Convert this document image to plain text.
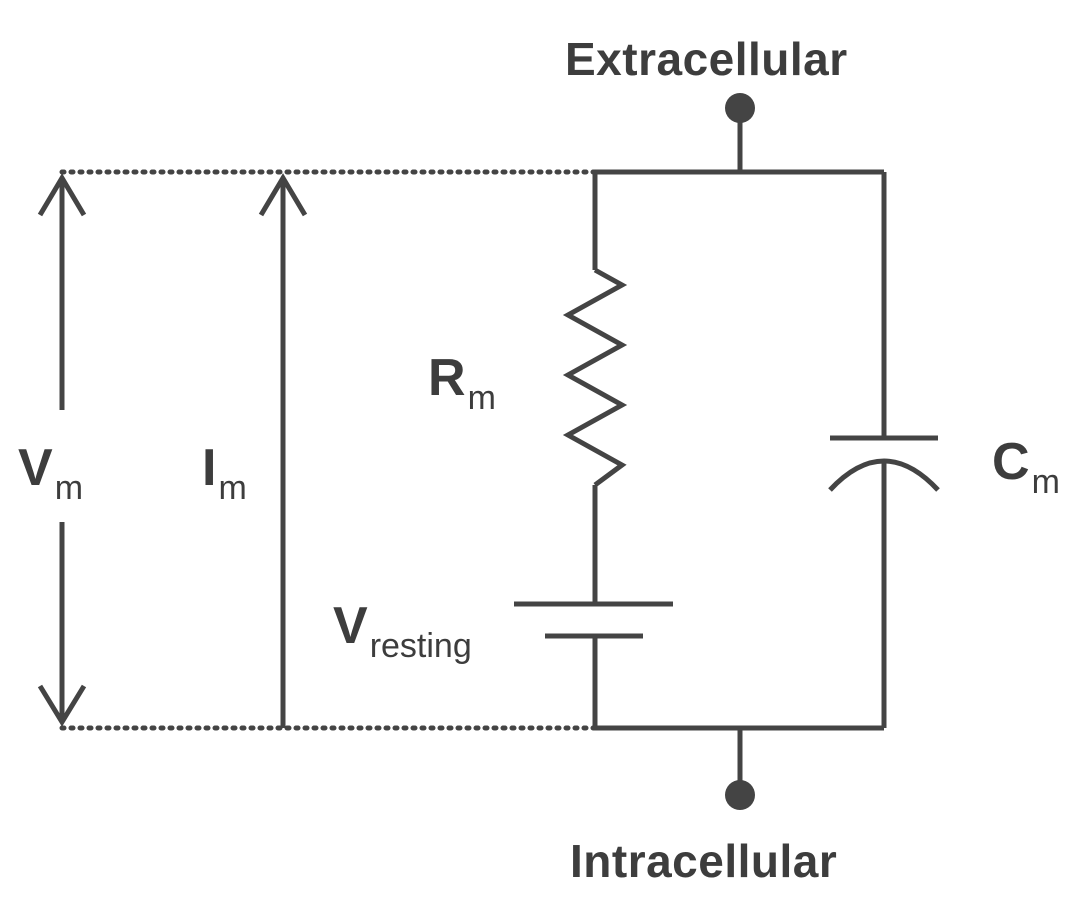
Extracellular
Intracellular
$V_m$ $I_m$
$R_m$
$C_m$
$V_{resting}$
